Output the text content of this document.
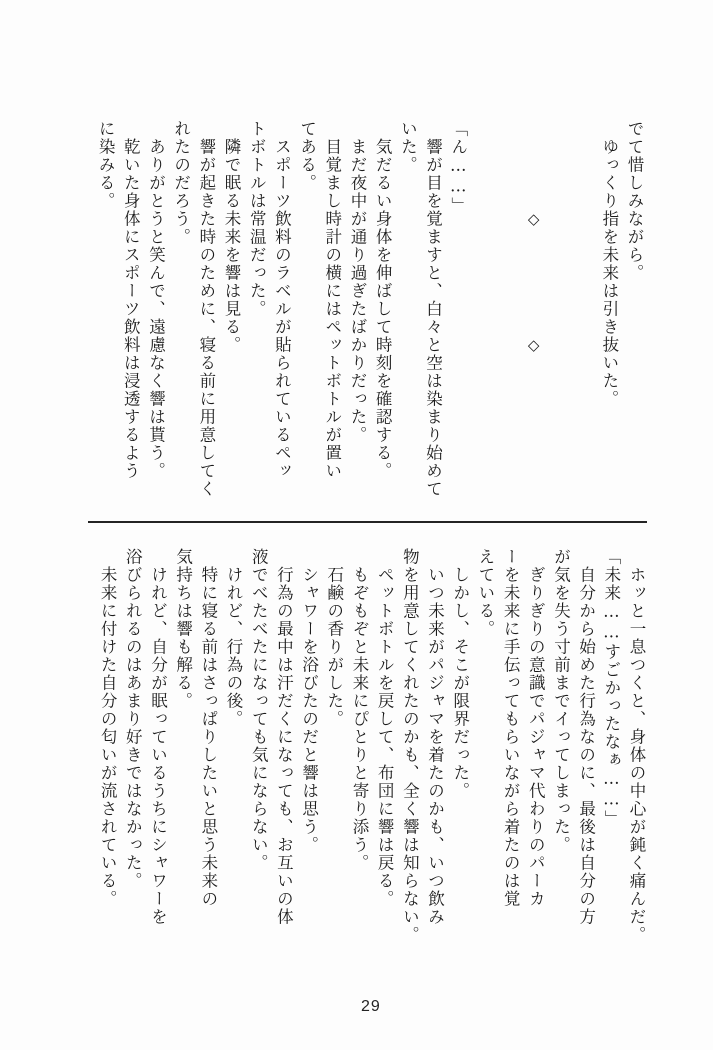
でて惜しみながら。
ゆっくり指を未来は引き抜いた。
◇
◇
「ん……」
響が目を覚ますと、白々と空は染まり始めて
いた。
気だるい身体を伸ばして時刻を確認する。
まだ夜中が通り過ぎたばかりだった。
目覚まし時計の横にはペットボトルが置い
てある。
スポーツ飲料のラベルが貼られているペッ
トボトルは常温だった。
隣で眠る未来を響は見る。
響が起きた時のために、寝る前に用意してく
れたのだろう。
ありがとうと笑んで、遠慮なく響は貰う。
乾いた身体にスポーツ飲料は浸透するよう
に染みる。
ホッと一息つくと、身体の中心が鈍く痛んだ。
「未来……すごかったなぁ……」
自分から始めた行為なのに、最後は自分の方
が気を失う寸前までイってしまった。
ぎりぎりの意識でパジャマ代わりのパーカ
ーを未来に手伝ってもらいながら着たのは覚
えている。
しかし、そこが限界だった。
いつ未来がパジャマを着たのかも、いつ飲み
物を用意してくれたのかも、全く響は知らない。
ペットボトルを戻して、布団に響は戻る。
もぞもぞと未来にぴとりと寄り添う。
石鹸の香りがした。
シャワーを浴びたのだと響は思う。
行為の最中は汗だくになっても、お互いの体
液でべたべたになっても気にならない。
けれど、行為の後。
特に寝る前はさっぱりしたいと思う未来の
気持ちは響も解る。
けれど、自分が眠っているうちにシャワーを
浴びられるのはあまり好きではなかった。
未来に付けた自分の匂いが流されている。
29
